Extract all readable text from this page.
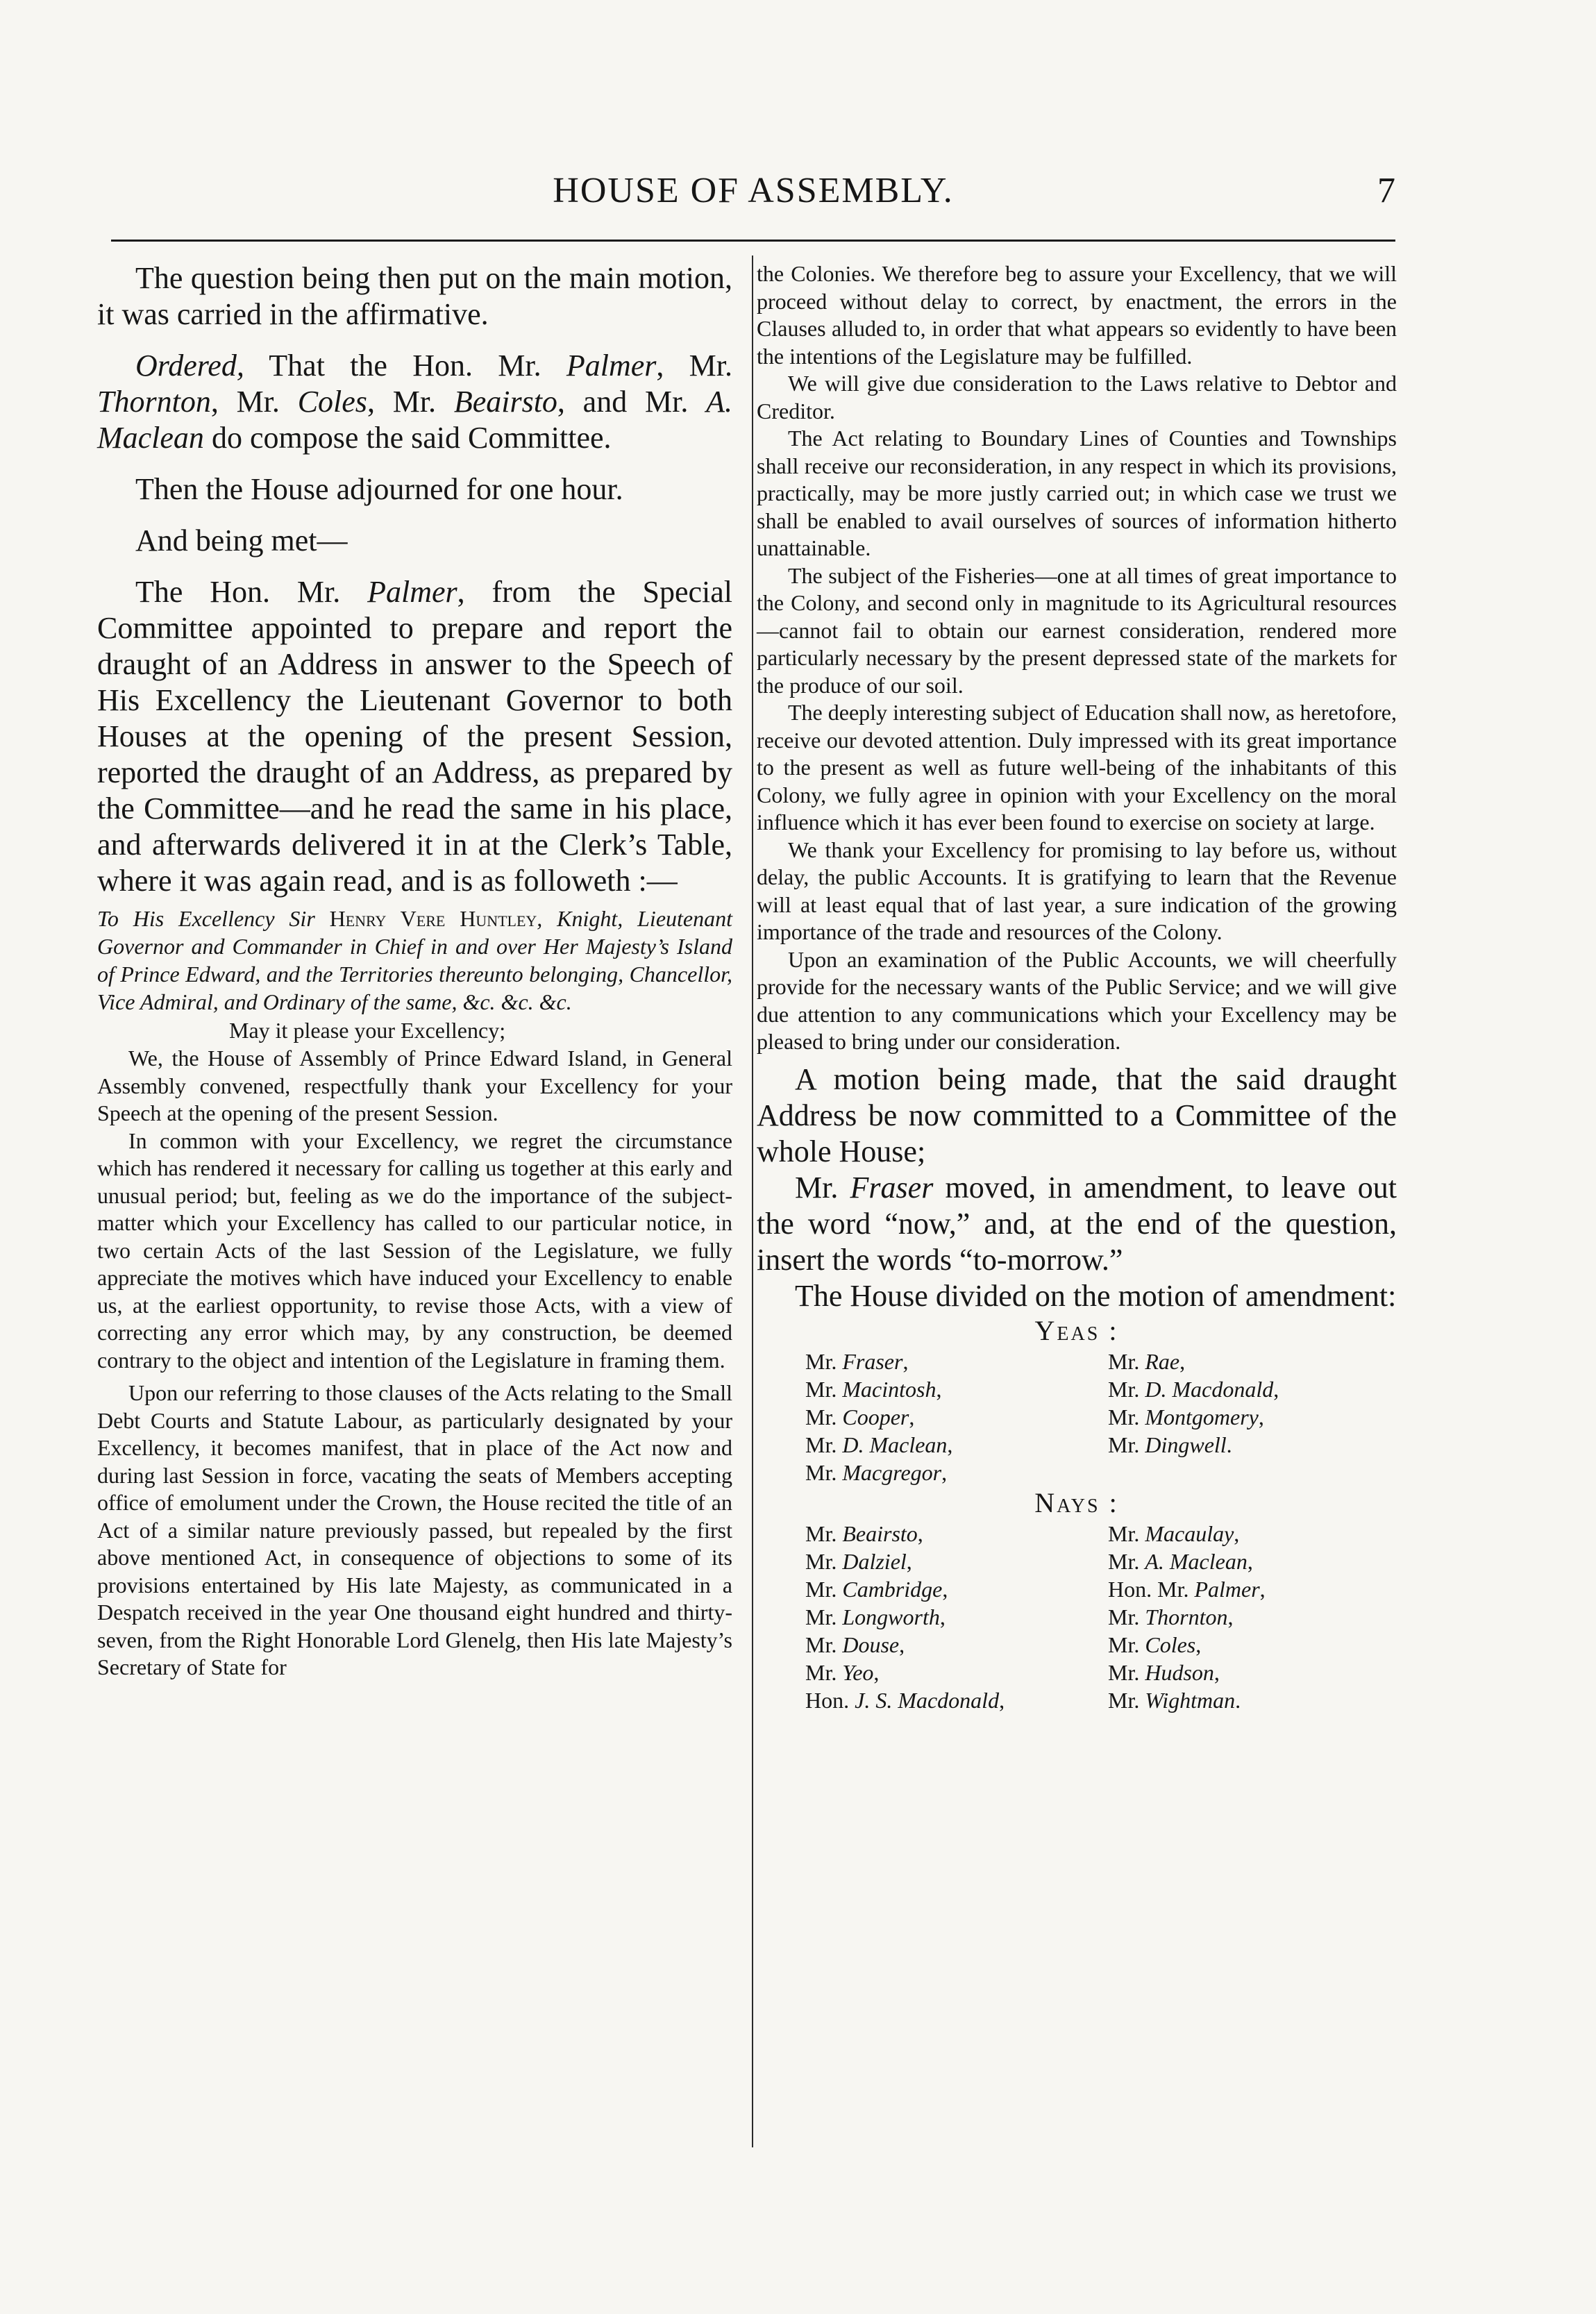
HOUSE OF ASSEMBLY.	7

The question being then put on the main motion, it was carried in the affirmative.

Ordered, That the Hon. Mr. Palmer, Mr. Thornton, Mr. Coles, Mr. Beairsto, and Mr. A. Maclean do compose the said Committee.

Then the House adjourned for one hour.

And being met—

The Hon. Mr. Palmer, from the Special Committee appointed to prepare and report the draught of an Address in answer to the Speech of His Excellency the Lieutenant Governor to both Houses at the opening of the present Session, reported the draught of an Address, as prepared by the Committee—and he read the same in his place, and afterwards delivered it in at the Clerk’s Table, where it was again read, and is as followeth :—

To His Excellency Sir Henry Vere Huntley, Knight, Lieutenant Governor and Commander in Chief in and over Her Majesty’s Island of Prince Edward, and the Territories thereunto belonging, Chancellor, Vice Admiral, and Ordinary of the same, &c. &c. &c.

May it please your Excellency;

We, the House of Assembly of Prince Edward Island, in General Assembly convened, respectfully thank your Excellency for your Speech at the opening of the present Session.

In common with your Excellency, we regret the circumstance which has rendered it necessary for calling us together at this early and unusual period; but, feeling as we do the importance of the subject-matter which your Excellency has called to our particular notice, in two certain Acts of the last Session of the Legislature, we fully appreciate the motives which have induced your Excellency to enable us, at the earliest opportunity, to revise those Acts, with a view of correcting any error which may, by any construction, be deemed contrary to the object and intention of the Legislature in framing them.

Upon our referring to those clauses of the Acts relating to the Small Debt Courts and Statute Labour, as particularly designated by your Excellency, it becomes manifest, that in place of the Act now and during last Session in force, vacating the seats of Members accepting office of emolument under the Crown, the House recited the title of an Act of a similar nature previously passed, but repealed by the first above mentioned Act, in consequence of objections to some of its provisions entertained by His late Majesty, as communicated in a Despatch received in the year One thousand eight hundred and thirty-seven, from the Right Honorable Lord Glenelg, then His late Majesty’s Secretary of State for

the Colonies. We therefore beg to assure your Excellency, that we will proceed without delay to correct, by enactment, the errors in the Clauses alluded to, in order that what appears so evidently to have been the intentions of the Legislature may be fulfilled.

We will give due consideration to the Laws relative to Debtor and Creditor.

The Act relating to Boundary Lines of Counties and Townships shall receive our reconsideration, in any respect in which its provisions, practically, may be more justly carried out; in which case we trust we shall be enabled to avail ourselves of sources of information hitherto unattainable.

The subject of the Fisheries—one at all times of great importance to the Colony, and second only in magnitude to its Agricultural resources—cannot fail to obtain our earnest consideration, rendered more particularly necessary by the present depressed state of the markets for the produce of our soil.

The deeply interesting subject of Education shall now, as heretofore, receive our devoted attention. Duly impressed with its great importance to the present as well as future well-being of the inhabitants of this Colony, we fully agree in opinion with your Excellency on the moral influence which it has ever been found to exercise on society at large.

We thank your Excellency for promising to lay before us, without delay, the public Accounts. It is gratifying to learn that the Revenue will at least equal that of last year, a sure indication of the growing importance of the trade and resources of the Colony.

Upon an examination of the Public Accounts, we will cheerfully provide for the necessary wants of the Public Service; and we will give due attention to any communications which your Excellency may be pleased to bring under our consideration.

A motion being made, that the said draught Address be now committed to a Committee of the whole House;

Mr. Fraser moved, in amendment, to leave out the word “now,” and, at the end of the question, insert the words “to-morrow.”

The House divided on the motion of amendment:

Yeas :
Mr. Fraser,
Mr. Macintosh,
Mr. Cooper,
Mr. D. Maclean,
Mr. Macgregor,
Mr. Rae,
Mr. D. Macdonald,
Mr. Montgomery,
Mr. Dingwell.
Nays :
Mr. Beairsto,
Mr. Dalziel,
Mr. Cambridge,
Mr. Longworth,
Mr. Douse,
Mr. Yeo,
Hon. J. S. Macdonald,
Mr. Macaulay,
Mr. A. Maclean,
Hon. Mr. Palmer,
Mr. Thornton,
Mr. Coles,
Mr. Hudson,
Mr. Wightman.
